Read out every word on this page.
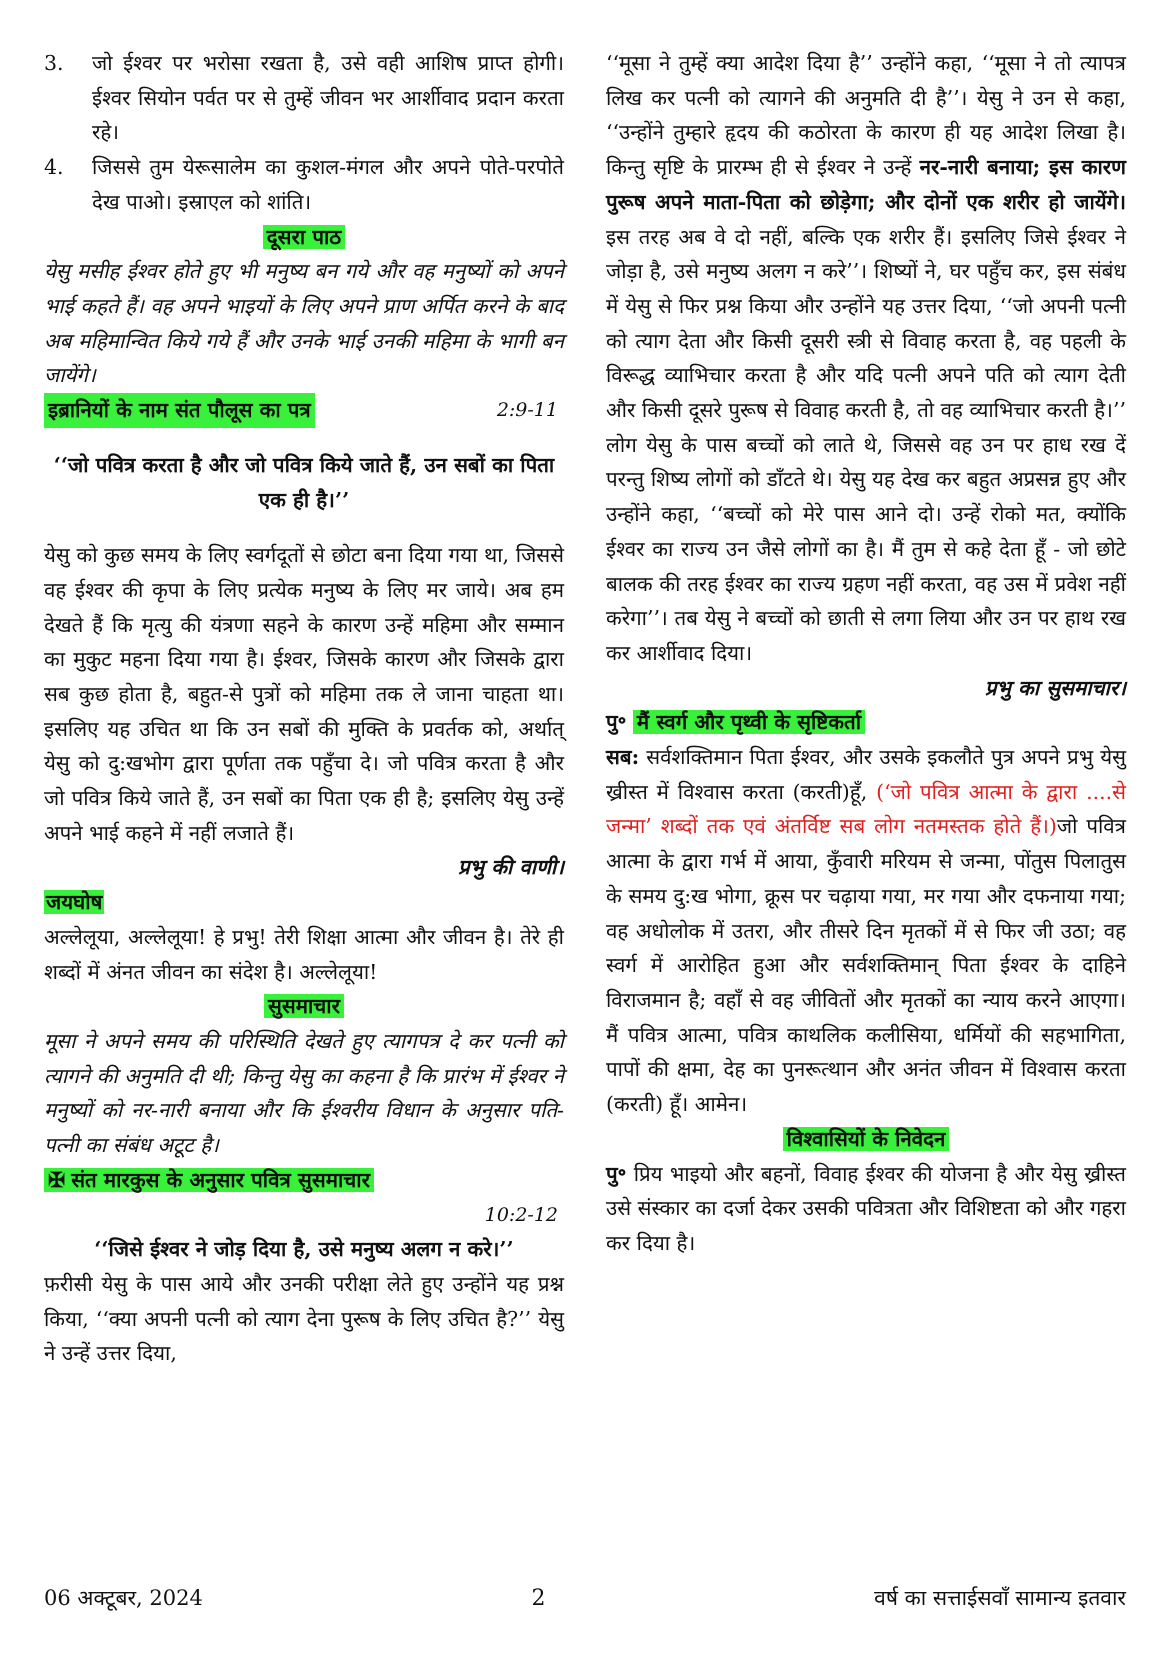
3.	जो ईश्वर पर भरोसा रखता है, उसे वही आशिष प्राप्त होगी। ईश्वर सियोन पर्वत पर से तुम्हें जीवन भर आर्शीवाद प्रदान करता रहे।

4.	जिससे तुम येरूसालेम का कुशल-मंगल और अपने पोते-परपोते देख पाओ। इस्राएल को शांति।

दूसरा पाठ

येसु मसीह ईश्वर होते हुए भी मनुष्य बन गये और वह मनुष्यों को अपने भाई कहते हैं। वह अपने भाइयों के लिए अपने प्राण अर्पित करने के बाद अब महिमान्वित किये गये हैं और उनके भाई उनकी महिमा के भागी बन जायेंगे।

इब्रानियों के नाम संत पौलूस का पत्र	2:9-11

‘‘जो पवित्र करता है और जो पवित्र किये जाते हैं, उन सबों का पिता एक ही है।’’

येसु को कुछ समय के लिए स्वर्गदूतों से छोटा बना दिया गया था, जिससे वह ईश्वर की कृपा के लिए प्रत्येक मनुष्य के लिए मर जाये। अब हम देखते हैं कि मृत्यु की यंत्रणा सहने के कारण उन्हें महिमा और सम्मान का मुकुट महना दिया गया है। ईश्वर, जिसके कारण और जिसके द्वारा सब कुछ होता है, बहुत-से पुत्रों को महिमा तक ले जाना चाहता था। इसलिए यह उचित था कि उन सबों की मुक्ति के प्रवर्तक को, अर्थात् येसु को दु:खभोग द्वारा पूर्णता तक पहुँचा दे। जो पवित्र करता है और जो पवित्र किये जाते हैं, उन सबों का पिता एक ही है; इसलिए येसु उन्हें अपने भाई कहने में नहीं लजाते हैं।

प्रभु की वाणी।

जयघोष

अल्लेलूया, अल्लेलूया! हे प्रभु! तेरी शिक्षा आत्मा और जीवन है। तेरे ही शब्दों में अंनत जीवन का संदेश है। अल्लेलूया!

सुसमाचार

मूसा ने अपने समय की परिस्थिति देखते हुए त्यागपत्र दे कर पत्नी को त्यागने की अनुमति दी थी; किन्तु येसु का कहना है कि प्रारंभ में ईश्वर ने मनुष्यों को नर-नारी बनाया और कि ईश्वरीय विधान के अनुसार पति-पत्नी का संबंध अटूट है।

✠ संत मारकुस के अनुसार पवित्र सुसमाचार

10:2-12

‘‘जिसे ईश्वर ने जोड़ दिया है, उसे मनुष्य अलग न करे।’’

फ़रीसी येसु के पास आये और उनकी परीक्षा लेते हुए उन्होंने यह प्रश्न किया, ‘‘क्या अपनी पत्नी को त्याग देना पुरूष के लिए उचित है?’’ येसु ने उन्हें उत्तर दिया,

‘‘मूसा ने तुम्हें क्या आदेश दिया है’’ उन्होंने कहा, ‘‘मूसा ने तो त्यापत्र लिख कर पत्नी को त्यागने की अनुमति दी है’’। येसु ने उन से कहा, ‘‘उन्होंने तुम्हारे हृदय की कठोरता के कारण ही यह आदेश लिखा है। किन्तु सृष्टि के प्रारम्भ ही से ईश्वर ने उन्हें नर-नारी बनाया; इस कारण पुरूष अपने माता-पिता को छोड़ेगा; और दोनों एक शरीर हो जायेंगे। इस तरह अब वे दो नहीं, बल्कि एक शरीर हैं। इसलिए जिसे ईश्वर ने जोड़ा है, उसे मनुष्य अलग न करे’’। शिष्यों ने, घर पहुँच कर, इस संबंध में येसु से फिर प्रश्न किया और उन्होंने यह उत्तर दिया, ‘‘जो अपनी पत्नी को त्याग देता और किसी दूसरी स्त्री से विवाह करता है, वह पहली के विरूद्ध व्याभिचार करता है और यदि पत्नी अपने पति को त्याग देती और किसी दूसरे पुरूष से विवाह करती है, तो वह व्याभिचार करती है।’’ लोग येसु के पास बच्चों को लाते थे, जिससे वह उन पर हाध रख दें परन्तु शिष्य लोगों को डाँटते थे। येसु यह देख कर बहुत अप्रसन्न हुए और उन्होंने कहा, ‘‘बच्चों को मेरे पास आने दो। उन्हें रोको मत, क्योंकि ईश्वर का राज्य उन जैसे लोगों का है। मैं तुम से कहे देता हूँ - जो छोटे बालक की तरह ईश्वर का राज्य ग्रहण नहीं करता, वह उस में प्रवेश नहीं करेगा’’। तब येसु ने बच्चों को छाती से लगा लिया और उन पर हाथ रख कर आर्शीवाद दिया।

प्रभु का सुसमाचार।

पु॰ मैं स्वर्ग और पृथ्वी के सृष्टिकर्ता

सब: सर्वशक्तिमान पिता ईश्वर, और उसके इकलौते पुत्र अपने प्रभु येसु ख्रीस्त में विश्वास करता (करती)हूँ, (‘जो पवित्र आत्मा के द्वारा ....से जन्मा’ शब्दों तक एवं अंतर्विष्ट सब लोग नतमस्तक होते हैं।)जो पवित्र आत्मा के द्वारा गर्भ में आया, कुँवारी मरियम से जन्मा, पोंतुस पिलातुस के समय दु:ख भोगा, क्रूस पर चढ़ाया गया, मर गया और दफनाया गया; वह अधोलोक में उतरा, और तीसरे दिन मृतकों में से फिर जी उठा; वह स्वर्ग में आरोहित हुआ और सर्वशक्तिमान् पिता ईश्वर के दाहिने विराजमान है; वहाँ से वह जीवितों और मृतकों का न्याय करने आएगा। मैं पवित्र आत्मा, पवित्र काथलिक कलीसिया, धर्मियों की सहभागिता, पापों की क्षमा, देह का पुनरूत्थान और अनंत जीवन में विश्वास करता (करती) हूँ। आमेन।

विश्वासियों के निवेदन

पु॰ प्रिय भाइयो और बहनों, विवाह ईश्वर की योजना है और येसु ख्रीस्त उसे संस्कार का दर्जा देकर उसकी पवित्रता और विशिष्टता को और गहरा कर दिया है।

06 अक्टूबर, 2024	2	वर्ष का सत्ताईसवाँ सामान्य इतवार
